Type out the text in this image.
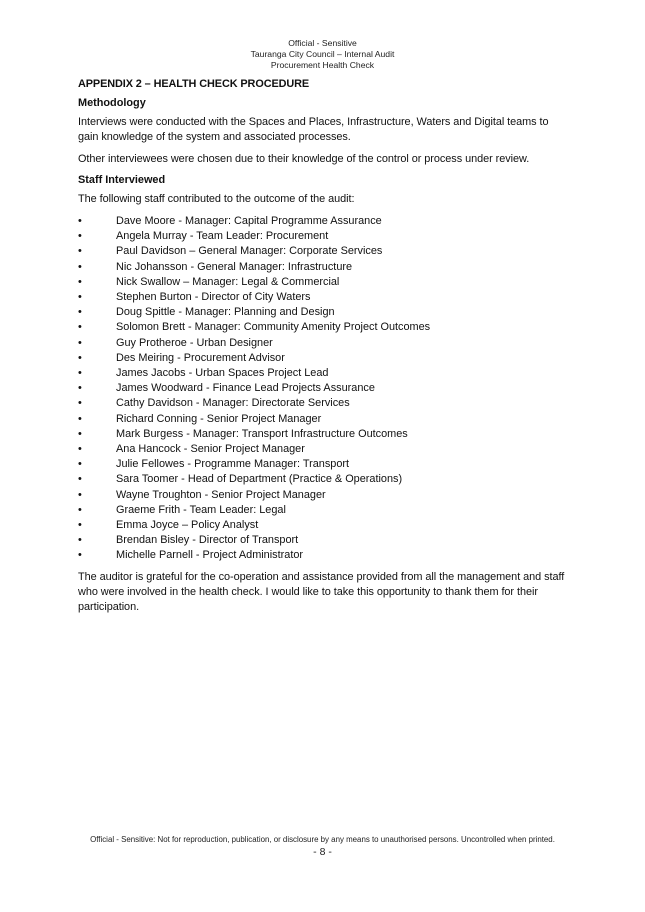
Official - Sensitive
Tauranga City Council – Internal Audit
Procurement Health Check
APPENDIX 2 – HEALTH CHECK PROCEDURE
Methodology

Interviews were conducted with the Spaces and Places, Infrastructure, Waters and Digital teams to gain knowledge of the system and associated processes.

Other interviewees were chosen due to their knowledge of the control or process under review.

Staff Interviewed

The following staff contributed to the outcome of the audit:

•	Dave Moore - Manager: Capital Programme Assurance
•	Angela Murray - Team Leader: Procurement
•	Paul Davidson – General Manager: Corporate Services
•	Nic Johansson - General Manager: Infrastructure
•	Nick Swallow – Manager: Legal & Commercial
•	Stephen Burton - Director of City Waters
•	Doug Spittle - Manager: Planning and Design
•	Solomon Brett - Manager: Community Amenity Project Outcomes
•	Guy Protheroe - Urban Designer
•	Des Meiring - Procurement Advisor
•	James Jacobs - Urban Spaces Project Lead
•	James Woodward - Finance Lead Projects Assurance
•	Cathy Davidson - Manager: Directorate Services
•	Richard Conning - Senior Project Manager
•	Mark Burgess - Manager: Transport Infrastructure Outcomes
•	Ana Hancock - Senior Project Manager
•	Julie Fellowes - Programme Manager: Transport
•	Sara Toomer - Head of Department (Practice & Operations)
•	Wayne Troughton - Senior Project Manager
•	Graeme Frith - Team Leader: Legal
•	Emma Joyce – Policy Analyst
•	Brendan Bisley - Director of Transport
•	Michelle Parnell - Project Administrator

The auditor is grateful for the co-operation and assistance provided from all the management and staff who were involved in the health check. I would like to take this opportunity to thank them for their participation.

Official - Sensitive: Not for reproduction, publication, or disclosure by any means to unauthorised persons. Uncontrolled when printed.
- 8 -
